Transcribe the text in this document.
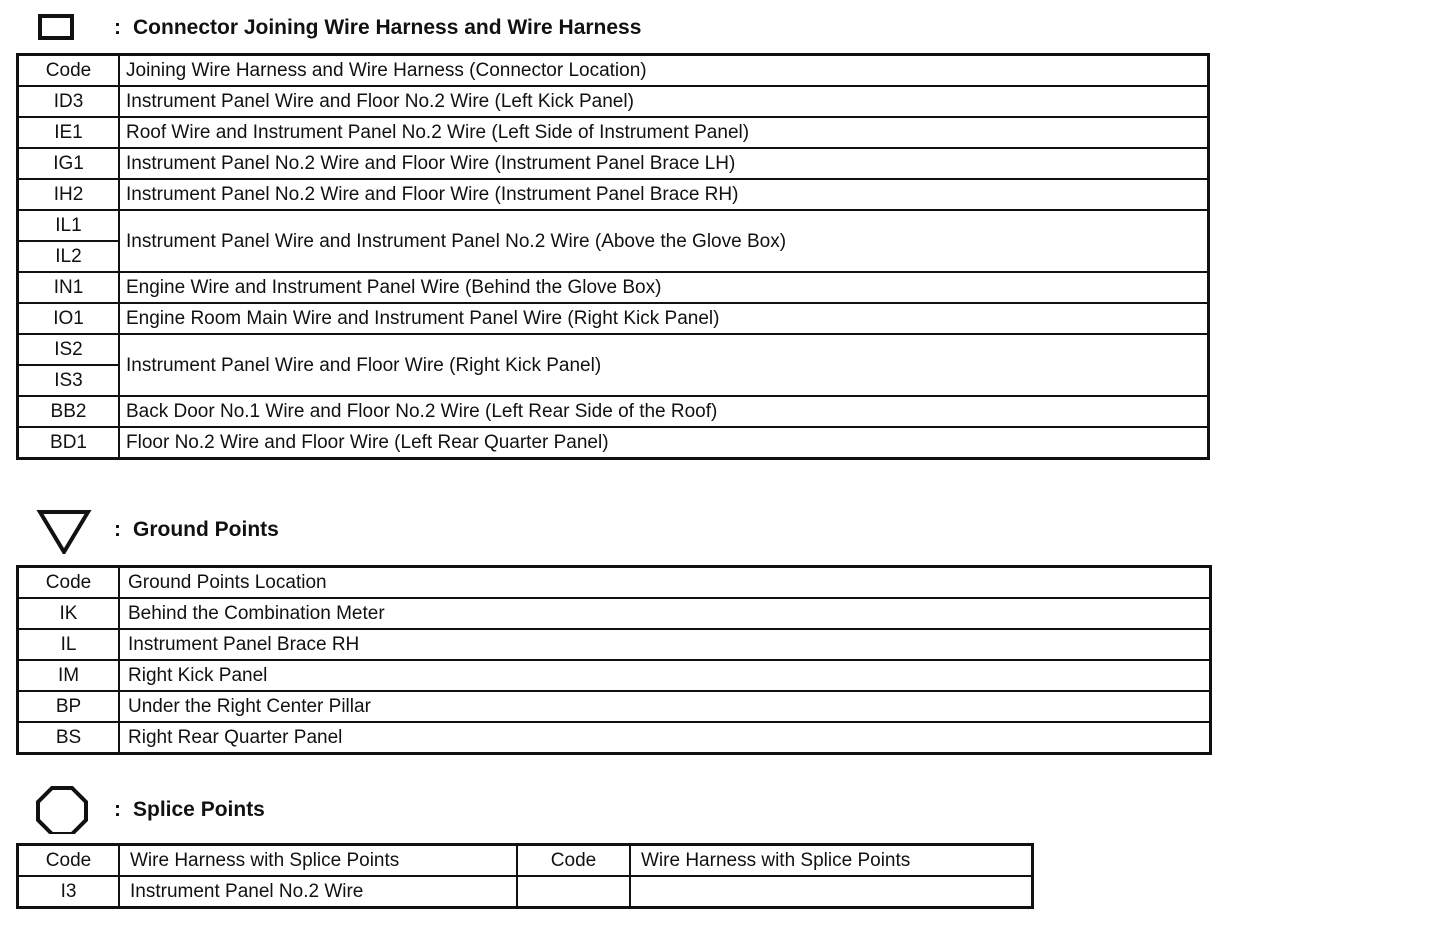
: Connector Joining Wire Harness and Wire Harness
Code	Joining Wire Harness and Wire Harness (Connector Location)
ID3	Instrument Panel Wire and Floor No.2 Wire (Left Kick Panel)
IE1	Roof Wire and Instrument Panel No.2 Wire (Left Side of Instrument Panel)
IG1	Instrument Panel No.2 Wire and Floor Wire (Instrument Panel Brace LH)
IH2	Instrument Panel No.2 Wire and Floor Wire (Instrument Panel Brace RH)
IL1	Instrument Panel Wire and Instrument Panel No.2 Wire (Above the Glove Box)
IL2	
IN1	Engine Wire and Instrument Panel Wire (Behind the Glove Box)
IO1	Engine Room Main Wire and Instrument Panel Wire (Right Kick Panel)
IS2	Instrument Panel Wire and Floor Wire (Right Kick Panel)
IS3	
BB2	Back Door No.1 Wire and Floor No.2 Wire (Left Rear Side of the Roof)
BD1	Floor No.2 Wire and Floor Wire (Left Rear Quarter Panel)
: Ground Points
Code	Ground Points Location
IK	Behind the Combination Meter
IL	Instrument Panel Brace RH
IM	Right Kick Panel
BP	Under the Right Center Pillar
BS	Right Rear Quarter Panel
: Splice Points
Code	Wire Harness with Splice Points	Code	Wire Harness with Splice Points
I3	Instrument Panel No.2 Wire		
